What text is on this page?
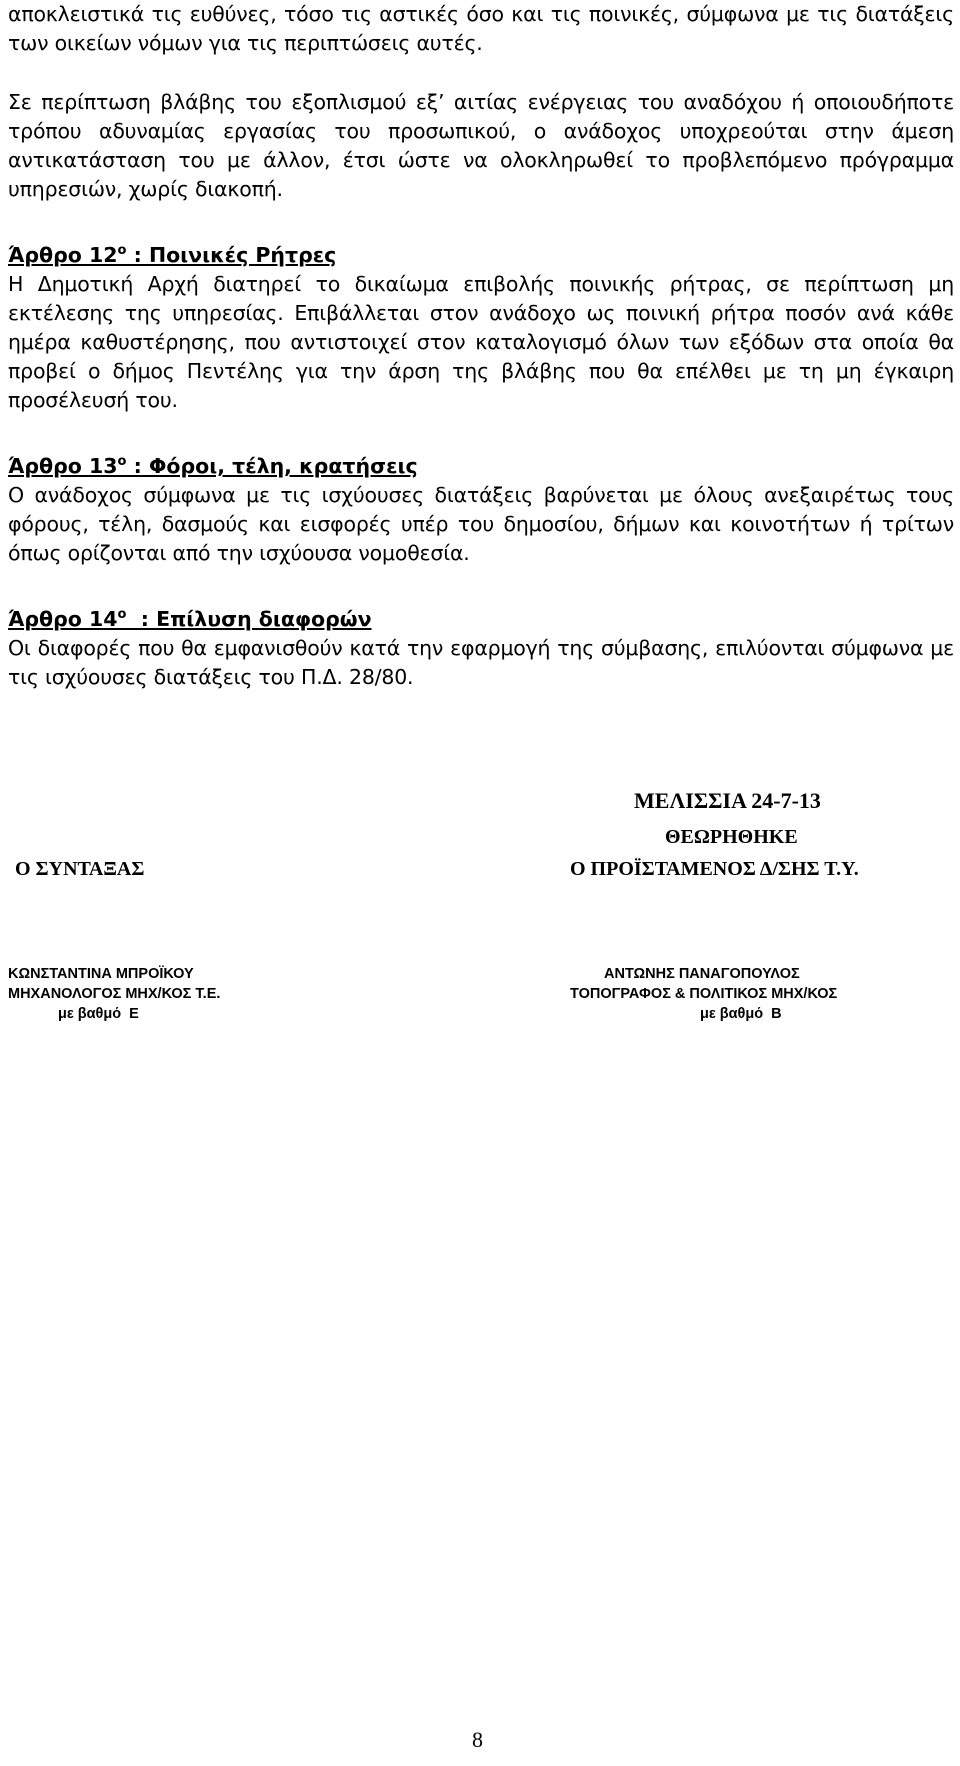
αποκλειστικά τις ευθύνες, τόσο τις αστικές όσο και τις ποινικές, σύμφωνα με τις διατάξεις των οικείων νόμων για τις περιπτώσεις αυτές.

Σε περίπτωση βλάβης του εξοπλισμού εξ’ αιτίας ενέργειας του αναδόχου ή οποιουδήποτε τρόπου αδυναμίας εργασίας του προσωπικού, ο ανάδοχος υποχρεούται στην άμεση αντικατάσταση του με άλλον, έτσι ώστε να ολοκληρωθεί το προβλεπόμενο πρόγραμμα υπηρεσιών, χωρίς διακοπή.

Άρθρο $12^o$ : Ποινικές Ρήτρες

Η Δημοτική Αρχή διατηρεί το δικαίωμα επιβολής ποινικής ρήτρας, σε περίπτωση μη εκτέλεσης της υπηρεσίας. Επιβάλλεται στον ανάδοχο ως ποινική ρήτρα ποσόν ανά κάθε ημέρα καθυστέρησης, που αντιστοιχεί στον καταλογισμό όλων των εξόδων στα οποία θα προβεί ο δήμος Πεντέλης για την άρση της βλάβης που θα επέλθει με τη μη έγκαιρη προσέλευσή του.

Άρθρο $13^o$ : Φόροι, τέλη, κρατήσεις

Ο ανάδοχος σύμφωνα με τις ισχύουσες διατάξεις βαρύνεται με όλους ανεξαιρέτως τους φόρους, τέλη, δασμούς και εισφορές υπέρ του δημοσίου, δήμων και κοινοτήτων ή τρίτων όπως ορίζονται από την ισχύουσα νομοθεσία.

Άρθρο $14^o$  : Επίλυση διαφορών

Οι διαφορές που θα εμφανισθούν κατά την εφαρμογή της σύμβασης, επιλύονται σύμφωνα με τις ισχύουσες διατάξεις του Π.Δ. 28/80.

ΜΕΛΙΣΣΙΑ 24-7-13
ΘΕΩΡΗΘΗΚΕ
Ο ΣΥΝΤΑΞΑΣ	Ο ΠΡΟΪΣΤΑΜΕΝΟΣ Δ/ΣΗΣ Τ.Υ.
ΚΩΝΣΤΑΝΤΙΝΑ ΜΠΡΟΪΚΟΥ
ΜΗΧΑΝΟΛΟΓΟΣ ΜΗΧ/ΚΟΣ Τ.Ε.
με βαθμό  Ε
ΑΝΤΩΝΗΣ ΠΑΝΑΓΟΠΟΥΛΟΣ
ΤΟΠΟΓΡΑΦΟΣ & ΠΟΛΙΤΙΚΟΣ ΜΗΧ/ΚΟΣ
με βαθμό  Β
8
